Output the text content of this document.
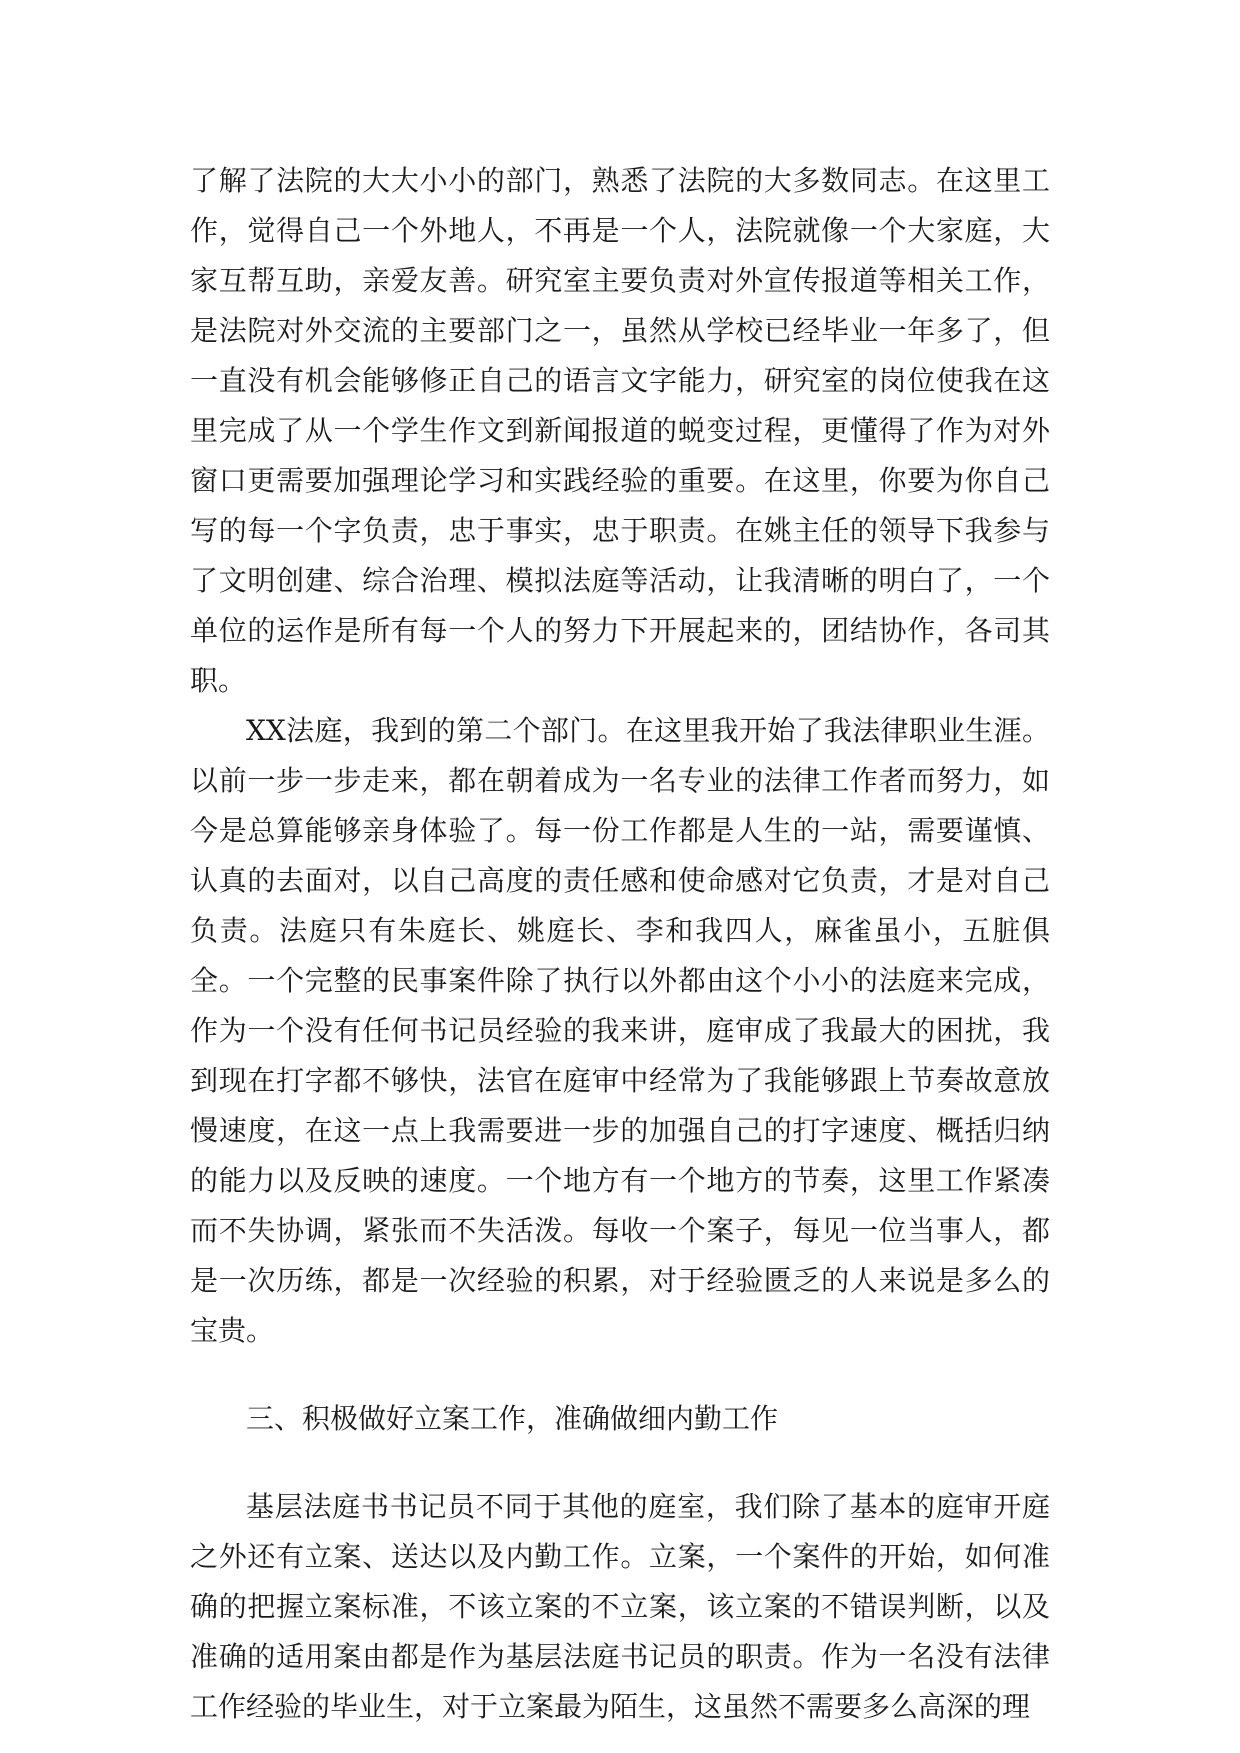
了解了法院的大大小小的部门，熟悉了法院的大多数同志。在这里工作，觉得自己一个外地人，不再是一个人，法院就像一个大家庭，大家互帮互助，亲爱友善。研究室主要负责对外宣传报道等相关工作，是法院对外交流的主要部门之一，虽然从学校已经毕业一年多了，但一直没有机会能够修正自己的语言文字能力，研究室的岗位使我在这里完成了从一个学生作文到新闻报道的蜕变过程，更懂得了作为对外窗口更需要加强理论学习和实践经验的重要。在这里，你要为你自己写的每一个字负责，忠于事实，忠于职责。在姚主任的领导下我参与了文明创建、综合治理、模拟法庭等活动，让我清晰的明白了，一个单位的运作是所有每一个人的努力下开展起来的，团结协作，各司其职。

XX法庭，我到的第二个部门。在这里我开始了我法律职业生涯。以前一步一步走来，都在朝着成为一名专业的法律工作者而努力，如今是总算能够亲身体验了。每一份工作都是人生的一站，需要谨慎、认真的去面对，以自己高度的责任感和使命感对它负责，才是对自己负责。法庭只有朱庭长、姚庭长、李和我四人，麻雀虽小，五脏俱全。一个完整的民事案件除了执行以外都由这个小小的法庭来完成，作为一个没有任何书记员经验的我来讲，庭审成了我最大的困扰，我到现在打字都不够快，法官在庭审中经常为了我能够跟上节奏故意放慢速度，在这一点上我需要进一步的加强自己的打字速度、概括归纳的能力以及反映的速度。一个地方有一个地方的节奏，这里工作紧凑而不失协调，紧张而不失活泼。每收一个案子，每见一位当事人，都是一次历练，都是一次经验的积累，对于经验匮乏的人来说是多么的宝贵。

三、积极做好立案工作，准确做细内勤工作

基层法庭书书记员不同于其他的庭室，我们除了基本的庭审开庭之外还有立案、送达以及内勤工作。立案，一个案件的开始，如何准确的把握立案标准，不该立案的不立案，该立案的不错误判断，以及准确的适用案由都是作为基层法庭书记员的职责。作为一名没有法律工作经验的毕业生，对于立案最为陌生，这虽然不需要多么高深的理
